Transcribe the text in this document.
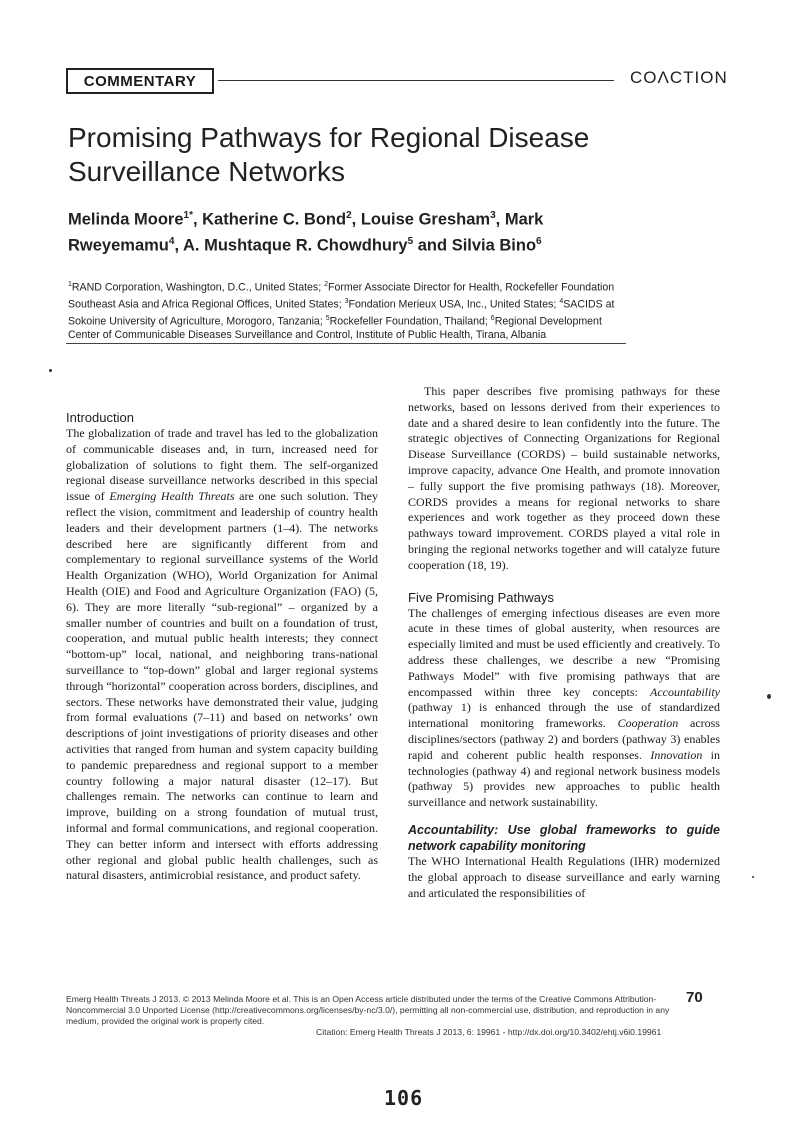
COMMENTARY	COΛCTION
Promising Pathways for Regional Disease Surveillance Networks
Melinda Moore$^{1*}$, Katherine C. Bond$^2$, Louise Gresham$^3$, Mark Rweyemamu$^4$, A. Mushtaque R. Chowdhury$^5$ and Silvia Bino$^6$
$^1$RAND Corporation, Washington, D.C., United States; $^2$Former Associate Director for Health, Rockefeller Foundation Southeast Asia and Africa Regional Offices, United States; $^3$Fondation Merieux USA, Inc., United States; $^4$SACIDS at Sokoine University of Agriculture, Morogoro, Tanzania; $^5$Rockefeller Foundation, Thailand; $^6$Regional Development Center of Communicable Diseases Surveillance and Control, Institute of Public Health, Tirana, Albania
Introduction

The globalization of trade and travel has led to the globalization of communicable diseases and, in turn, increased need for globalization of solutions to fight them. The self-organized regional disease surveillance networks described in this special issue of Emerging Health Threats are one such solution. They reflect the vision, commitment and leadership of country health leaders and their development partners (1–4). The networks described here are significantly different from and complementary to regional surveillance systems of the World Health Organization (WHO), World Organization for Animal Health (OIE) and Food and Agriculture Organization (FAO) (5, 6). They are more literally “sub-regional” – organized by a smaller number of countries and built on a foundation of trust, cooperation, and mutual public health interests; they connect “bottom-up” local, national, and neighboring trans-national surveillance to “top-down” global and larger regional systems through “horizontal” cooperation across borders, disciplines, and sectors. These networks have demonstrated their value, judging from formal evaluations (7–11) and based on networks’ own descriptions of joint investigations of priority diseases and other activities that ranged from human and system capacity building to pandemic preparedness and regional support to a member country following a major natural disaster (12–17). But challenges remain. The networks can continue to learn and improve, building on a strong foundation of mutual trust, informal and formal communications, and regional cooperation. They can better inform and intersect with efforts addressing other regional and global public health challenges, such as natural disasters, antimicrobial resistance, and product safety.

This paper describes five promising pathways for these networks, based on lessons derived from their experiences to date and a shared desire to lean confidently into the future. The strategic objectives of Connecting Organizations for Regional Disease Surveillance (CORDS) – build sustainable networks, improve capacity, advance One Health, and promote innovation – fully support the five promising pathways (18). Moreover, CORDS provides a means for regional networks to share experiences and work together as they proceed down these pathways toward improvement. CORDS played a vital role in bringing the regional networks together and will catalyze future cooperation (18, 19).

Five Promising Pathways

The challenges of emerging infectious diseases are even more acute in these times of global austerity, when resources are especially limited and must be used efficiently and creatively. To address these challenges, we describe a new “Promising Pathways Model” with five promising pathways that are encompassed within three key concepts: Accountability (pathway 1) is enhanced through the use of standardized international monitoring frameworks. Cooperation across disciplines/sectors (pathway 2) and borders (pathway 3) enables rapid and coherent public health responses. Innovation in technologies (pathway 4) and regional network business models (pathway 5) provides new approaches to public health surveillance and network sustainability.

Accountability: Use global frameworks to guide network capability monitoring

The WHO International Health Regulations (IHR) modernized the global approach to disease surveillance and early warning and articulated the responsibilities of

Emerg Health Threats J 2013. © 2013 Melinda Moore et al. This is an Open Access article distributed under the terms of the Creative Commons Attribution-Noncommercial 3.0 Unported License (http://creativecommons.org/licenses/by-nc/3.0/), permitting all non-commercial use, distribution, and reproduction in any medium, provided the original work is properly cited.
Citation: Emerg Health Threats J 2013, 6: 19961 - http://dx.doi.org/10.3402/ehtj.v6i0.19961
70
106
